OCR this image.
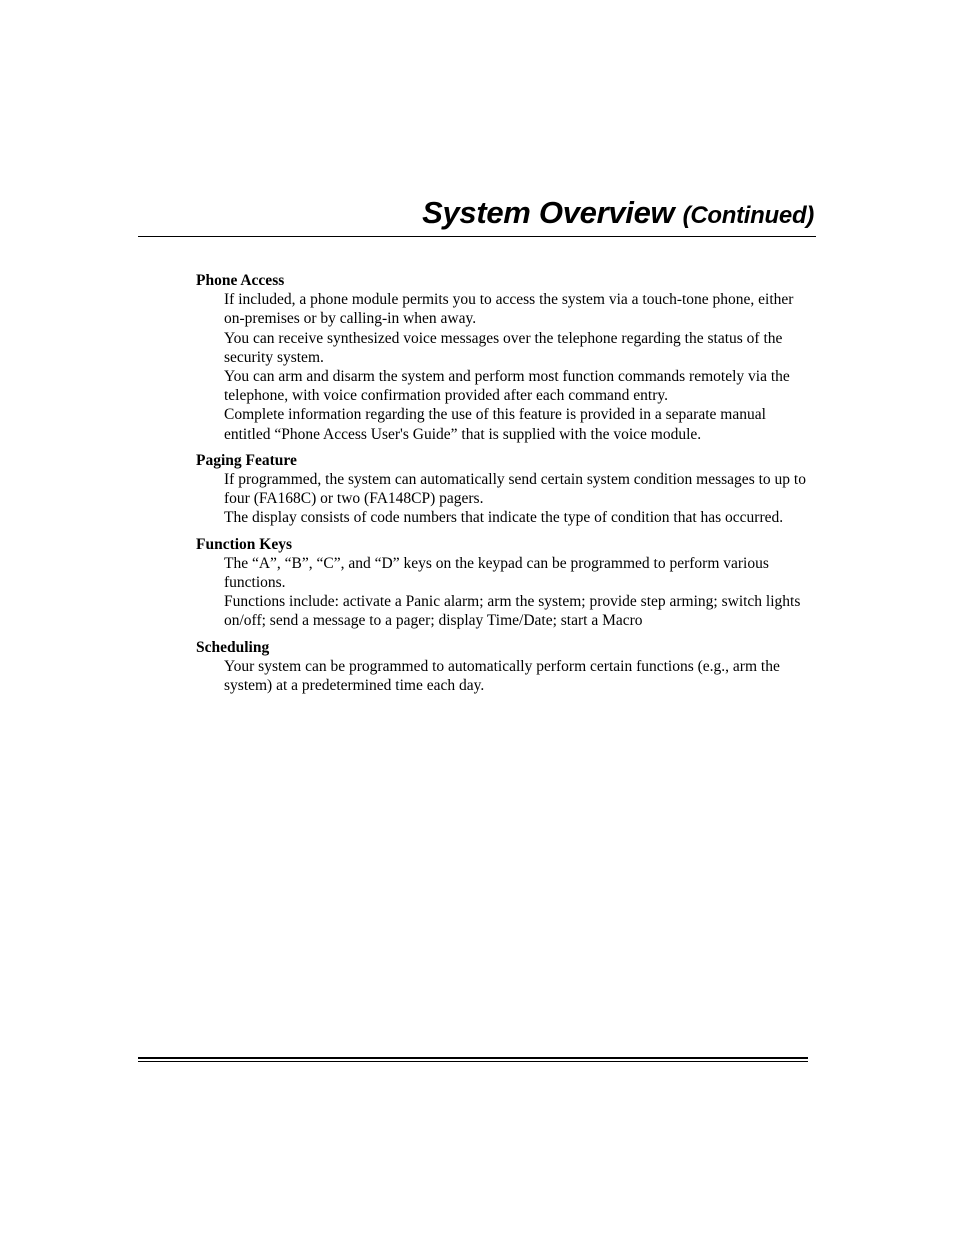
System Overview (Continued)

Phone Access

If included, a phone module permits you to access the system via a touch-tone phone, either on-premises or by calling-in when away.

You can receive synthesized voice messages over the telephone regarding the status of the security system.

You can arm and disarm the system and perform most function commands remotely via the telephone, with voice confirmation provided after each command entry.

Complete information regarding the use of this feature is provided in a separate manual entitled “Phone Access User's Guide” that is supplied with the voice module.

Paging Feature

If programmed, the system can automatically send certain system condition messages to up to four (FA168C) or two (FA148CP) pagers.

The display consists of code numbers that indicate the type of condition that has occurred.

Function Keys

The “A”, “B”, “C”, and “D” keys on the keypad can be programmed to perform various functions.

Functions include: activate a Panic alarm; arm the system; provide step arming; switch lights on/off; send a message to a pager; display Time/Date; start a Macro

Scheduling

Your system can be programmed to automatically perform certain functions (e.g., arm the system) at a predetermined time each day.
